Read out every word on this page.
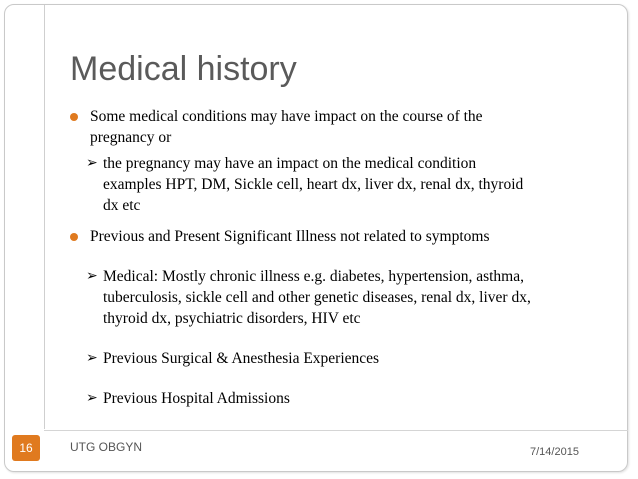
Medical history
Some medical conditions may have impact on the course of the
pregnancy or
➢ the pregnancy may have an impact on the medical condition
examples HPT, DM, Sickle cell, heart dx, liver dx, renal dx, thyroid
dx etc
Previous and Present Significant Illness not related to symptoms
➢ Medical: Mostly chronic illness e.g. diabetes, hypertension, asthma,
tuberculosis, sickle cell and other genetic diseases, renal dx, liver dx,
thyroid dx, psychiatric disorders, HIV etc
➢ Previous Surgical & Anesthesia Experiences
➢ Previous Hospital Admissions
16	UTG OBGYN	7/14/2015
